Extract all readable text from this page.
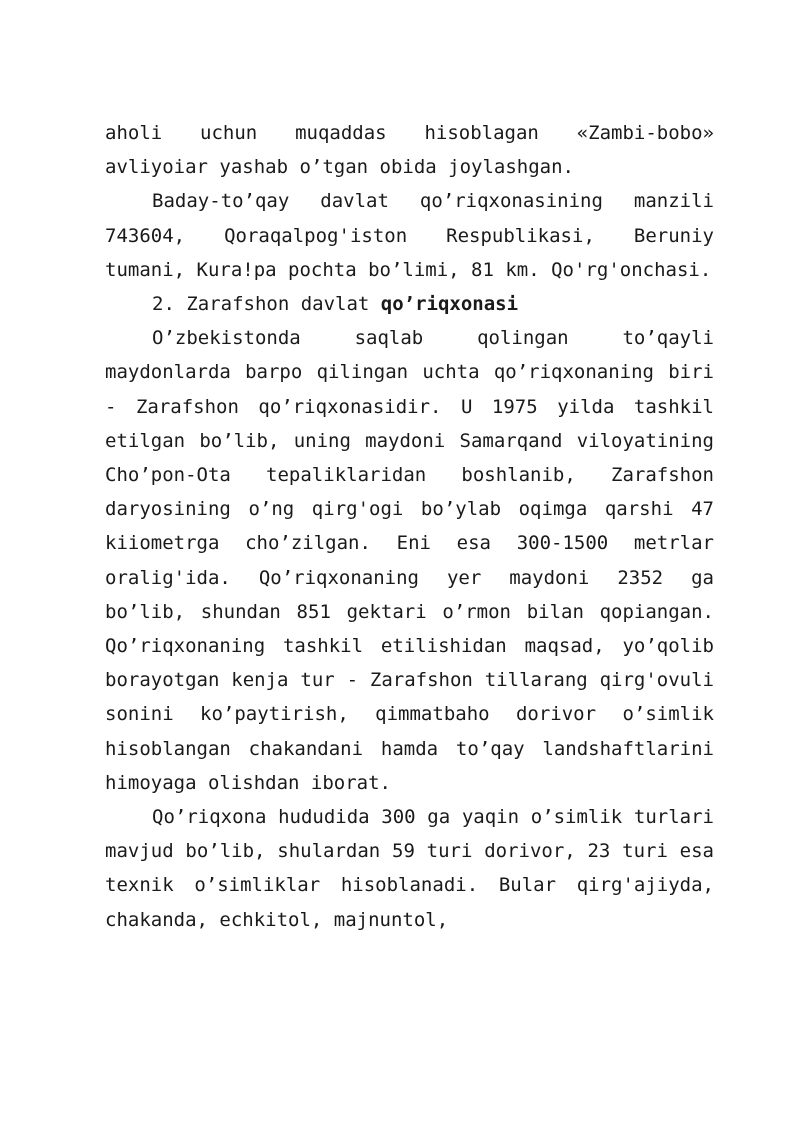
aholi uchun muqaddas hisoblagan «Zambi-bobo» avliyoiar yashab o’tgan obida joylashgan.

Baday-to’qay davlat qo’riqxonasining manzili 743604, Qoraqalpog'iston Respublikasi, Beruniy tumani, Kura!pa pochta bo’limi, 81 km. Qo'rg'onchasi.

2. Zarafshon davlat qo’riqxonasi

O’zbekistonda saqlab qolingan to’qayli maydonlarda barpo qilingan uchta qo’riqxonaning biri - Zarafshon qo’riqxonasidir. U 1975 yilda tashkil etilgan bo’lib, uning maydoni Samarqand viloyatining Cho’pon-Ota tepaliklaridan boshlanib, Zarafshon daryosining o’ng qirg'ogi bo’ylab oqimga qarshi 47 kiiometrga cho’zilgan. Eni esa 300-1500 metrlar oralig'ida. Qo’riqxonaning yer maydoni 2352 ga bo’lib, shundan 851 gektari o’rmon bilan qopiangan. Qo’riqxonaning tashkil etilishidan maqsad, yo’qolib borayotgan kenja tur - Zarafshon tillarang qirg'ovuli sonini ko’paytirish, qimmatbaho dorivor o’simlik hisoblangan chakandani hamda to’qay landshaftlarini himoyaga olishdan iborat.

Qo’riqxona hududida 300 ga yaqin o’simlik turlari mavjud bo’lib, shulardan 59 turi dorivor, 23 turi esa texnik o’simliklar hisoblanadi. Bular qirg'ajiyda, chakanda, echkitol, majnuntol,
